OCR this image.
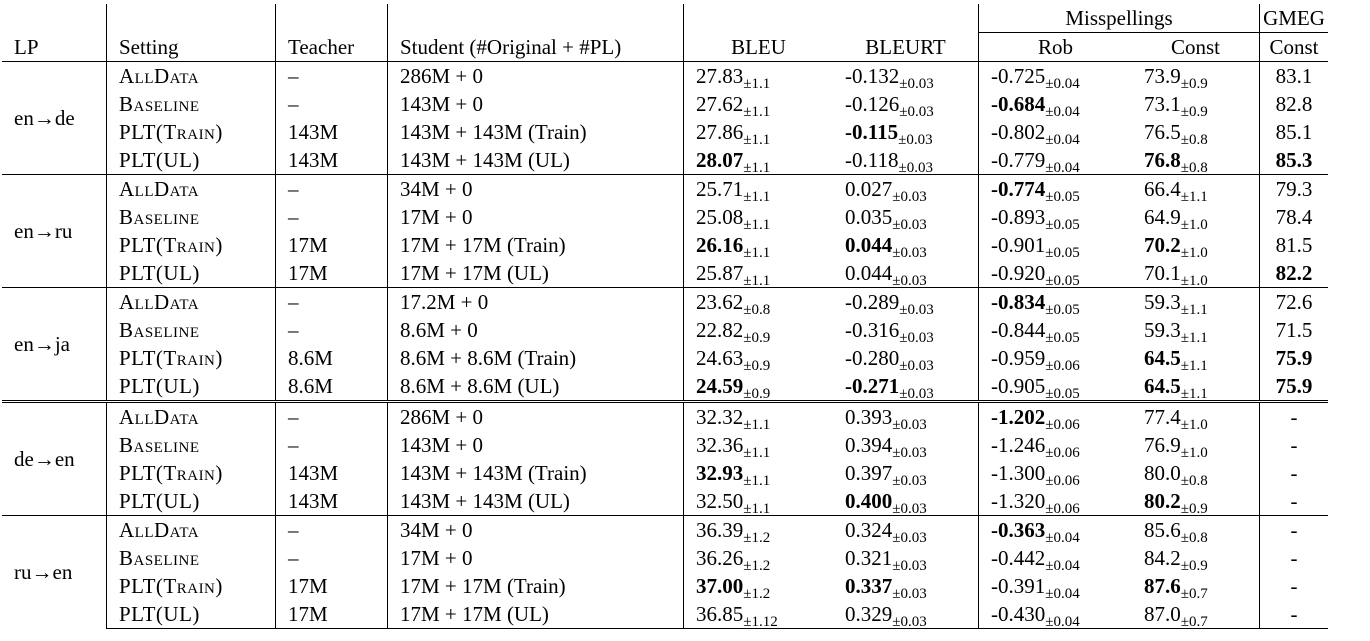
						Misspellings		GMEG
LP	Setting	Teacher	Student (#Original + #PL)	BLEU	BLEURT	Rob	Const	Const
en→de	AllData	–	286M + 0	$27.83_{\pm 1.1}$	$-0.132_{\pm 0.03}$	$-0.725_{\pm 0.04}$	$73.9_{\pm 0.9}$	83.1
	Baseline	–	143M + 0	$27.62_{\pm 1.1}$	$-0.126_{\pm 0.03}$	$-0.684_{\pm 0.04}$	$73.1_{\pm 0.9}$	82.8
	PLT(Train)	143M	143M + 143M (Train)	$27.86_{\pm 1.1}$	$-0.115_{\pm 0.03}$	$-0.802_{\pm 0.04}$	$76.5_{\pm 0.8}$	85.1
	PLT(UL)	143M	143M + 143M (UL)	$28.07_{\pm 1.1}$	$-0.118_{\pm 0.03}$	$-0.779_{\pm 0.04}$	$76.8_{\pm 0.8}$	85.3
en→ru	AllData	–	34M + 0	$25.71_{\pm 1.1}$	$0.027_{\pm 0.03}$	$-0.774_{\pm 0.05}$	$66.4_{\pm 1.1}$	79.3
	Baseline	–	17M + 0	$25.08_{\pm 1.1}$	$0.035_{\pm 0.03}$	$-0.893_{\pm 0.05}$	$64.9_{\pm 1.0}$	78.4
	PLT(Train)	17M	17M + 17M (Train)	$26.16_{\pm 1.1}$	$0.044_{\pm 0.03}$	$-0.901_{\pm 0.05}$	$70.2_{\pm 1.0}$	81.5
	PLT(UL)	17M	17M + 17M (UL)	$25.87_{\pm 1.1}$	$0.044_{\pm 0.03}$	$-0.920_{\pm 0.05}$	$70.1_{\pm 1.0}$	82.2
en→ja	AllData	–	17.2M + 0	$23.62_{\pm 0.8}$	$-0.289_{\pm 0.03}$	$-0.834_{\pm 0.05}$	$59.3_{\pm 1.1}$	72.6
	Baseline	–	8.6M + 0	$22.82_{\pm 0.9}$	$-0.316_{\pm 0.03}$	$-0.844_{\pm 0.05}$	$59.3_{\pm 1.1}$	71.5
	PLT(Train)	8.6M	8.6M + 8.6M (Train)	$24.63_{\pm 0.9}$	$-0.280_{\pm 0.03}$	$-0.959_{\pm 0.06}$	$64.5_{\pm 1.1}$	75.9
	PLT(UL)	8.6M	8.6M + 8.6M (UL)	$24.59_{\pm 0.9}$	$-0.271_{\pm 0.03}$	$-0.905_{\pm 0.05}$	$64.5_{\pm 1.1}$	75.9
de→en	AllData	–	286M + 0	$32.32_{\pm 1.1}$	$0.393_{\pm 0.03}$	$-1.202_{\pm 0.06}$	$77.4_{\pm 1.0}$	-
	Baseline	–	143M + 0	$32.36_{\pm 1.1}$	$0.394_{\pm 0.03}$	$-1.246_{\pm 0.06}$	$76.9_{\pm 1.0}$	-
	PLT(Train)	143M	143M + 143M (Train)	$32.93_{\pm 1.1}$	$0.397_{\pm 0.03}$	$-1.300_{\pm 0.06}$	$80.0_{\pm 0.8}$	-
	PLT(UL)	143M	143M + 143M (UL)	$32.50_{\pm 1.1}$	$0.400_{\pm 0.03}$	$-1.320_{\pm 0.06}$	$80.2_{\pm 0.9}$	-
ru→en	AllData	–	34M + 0	$36.39_{\pm 1.2}$	$0.324_{\pm 0.03}$	$-0.363_{\pm 0.04}$	$85.6_{\pm 0.8}$	-
	Baseline	–	17M + 0	$36.26_{\pm 1.2}$	$0.321_{\pm 0.03}$	$-0.442_{\pm 0.04}$	$84.2_{\pm 0.9}$	-
	PLT(Train)	17M	17M + 17M (Train)	$37.00_{\pm 1.2}$	$0.337_{\pm 0.03}$	$-0.391_{\pm 0.04}$	$87.6_{\pm 0.7}$	-
	PLT(UL)	17M	17M + 17M (UL)	$36.85_{\pm 1.12}$	$0.329_{\pm 0.03}$	$-0.430_{\pm 0.04}$	$87.0_{\pm 0.7}$	-
